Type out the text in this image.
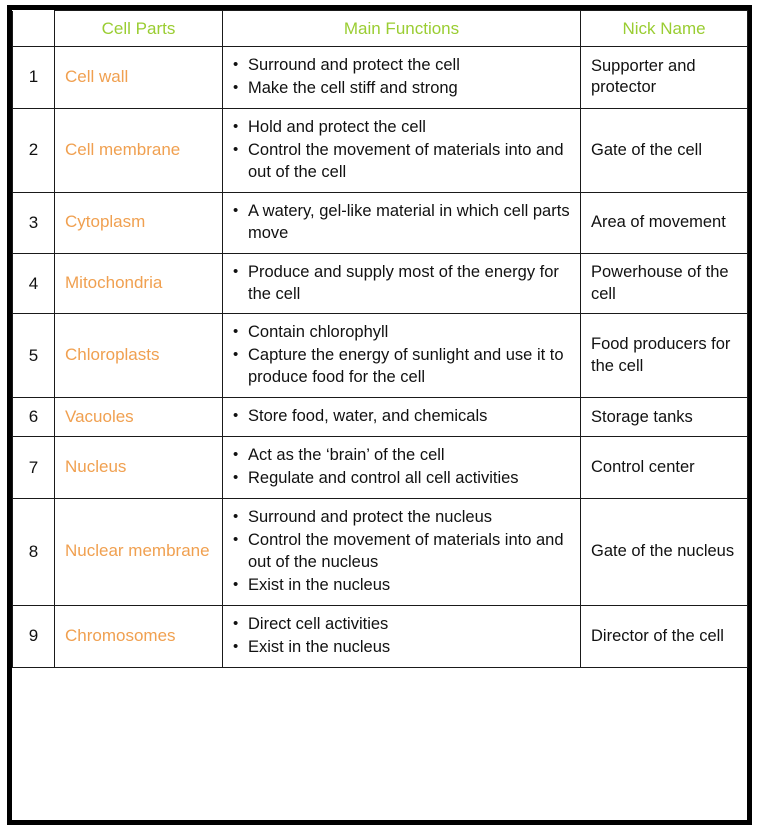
	Cell Parts	Main Functions	Nick Name
1	Cell wall	
• Surround and protect the cell
• Make the cell stiff and strong
	Supporter and protector
2	Cell membrane	
• Hold and protect the cell
• Control the movement of materials into and out of the cell
	Gate of the cell
3	Cytoplasm	
• A watery, gel-like material in which cell parts move
	Area of movement
4	Mitochondria	
• Produce and supply most of the energy for the cell
	Powerhouse of the cell
5	Chloroplasts	
• Contain chlorophyll
• Capture the energy of sunlight and use it to produce food for the cell
	Food producers for the cell
6	Vacuoles	
•Store food, water, and chemicals	Storage tanks
7	Nucleus	
• Act as the ‘brain’ of the cell
• Regulate and control all cell activities
	Control center
8	Nuclear membrane	
• Surround and protect the nucleus
• Control the movement of materials into and out of the nucleus
• Exist in the nucleus
	Gate of the nucleus
9	Chromosomes	
• Direct cell activities
• Exist in the nucleus
	Director of the cell
